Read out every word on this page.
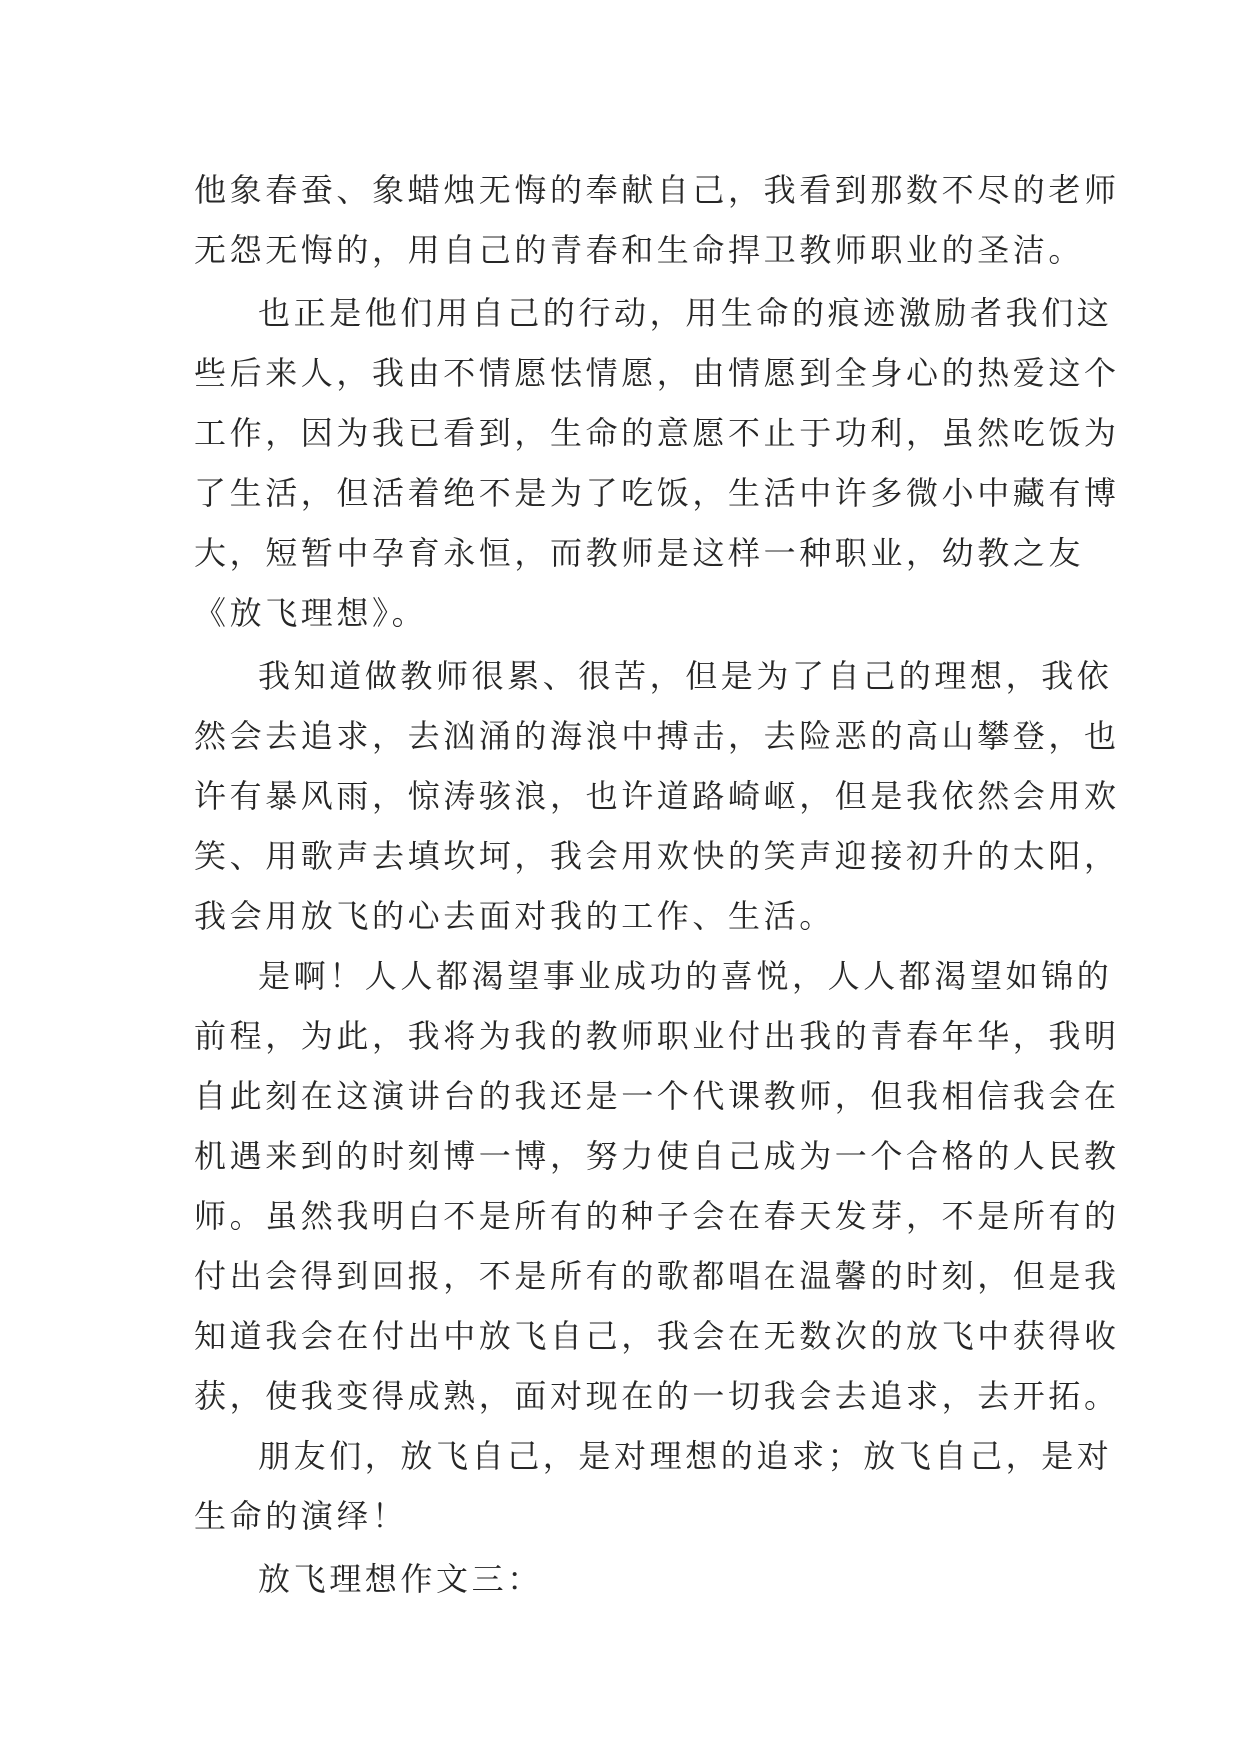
他象春蚕、象蜡烛无悔的奉献自己，我看到那数不尽的老师
无怨无悔的，用自己的青春和生命捍卫教师职业的圣洁。
也正是他们用自己的行动，用生命的痕迹激励者我们这
些后来人，我由不情愿怯情愿，由情愿到全身心的热爱这个
工作，因为我已看到，生命的意愿不止于功利，虽然吃饭为
了生活，但活着绝不是为了吃饭，生活中许多微小中藏有博
大，短暂中孕育永恒，而教师是这样一种职业，幼教之友
《放飞理想》。
我知道做教师很累、很苦，但是为了自己的理想，我依
然会去追求，去汹涌的海浪中搏击，去险恶的高山攀登，也
许有暴风雨，惊涛骇浪，也许道路崎岖，但是我依然会用欢
笑、用歌声去填坎坷，我会用欢快的笑声迎接初升的太阳，
我会用放飞的心去面对我的工作、生活。
是啊！人人都渴望事业成功的喜悦，人人都渴望如锦的
前程，为此，我将为我的教师职业付出我的青春年华，我明
自此刻在这演讲台的我还是一个代课教师，但我相信我会在
机遇来到的时刻博一博，努力使自己成为一个合格的人民教
师。虽然我明白不是所有的种子会在春天发芽，不是所有的
付出会得到回报，不是所有的歌都唱在温馨的时刻，但是我
知道我会在付出中放飞自己，我会在无数次的放飞中获得收
获，使我变得成熟，面对现在的一切我会去追求，去开拓。
朋友们，放飞自己，是对理想的追求；放飞自己，是对
生命的演绎！
放飞理想作文三：
